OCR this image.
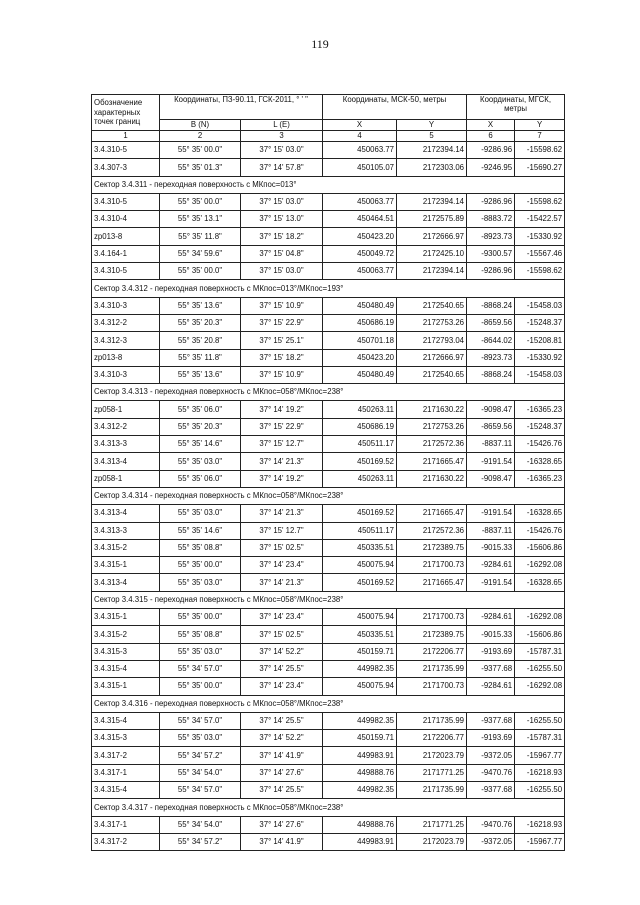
119
Обозначение характерных точек границ	Координаты, ПЗ-90.11, ГСК-2011, ° ' "		Координаты, МСК-50, метры		Координаты, МГСК, метры	
	B (N)	L (E)	X	Y	X	Y
1	2	3	4	5	6	7
3.4.310-5	55° 35' 00.0"	37° 15' 03.0"	450063.77	2172394.14	-9286.96	-15598.62
3.4.307-3	55° 35' 01.3"	37° 14' 57.8"	450105.07	2172303.06	-9246.95	-15690.27
Сектор 3.4.311 - переходная поверхность с МКпос=013°						
3.4.310-5	55° 35' 00.0"	37° 15' 03.0"	450063.77	2172394.14	-9286.96	-15598.62
3.4.310-4	55° 35' 13.1"	37° 15' 13.0"	450464.51	2172575.89	-8883.72	-15422.57
zp013-8	55° 35' 11.8"	37° 15' 18.2"	450423.20	2172666.97	-8923.73	-15330.92
3.4.164-1	55° 34' 59.6"	37° 15' 04.8"	450049.72	2172425.10	-9300.57	-15567.46
3.4.310-5	55° 35' 00.0"	37° 15' 03.0"	450063.77	2172394.14	-9286.96	-15598.62
Сектор 3.4.312 - переходная поверхность с МКпос=013°/МКпос=193°						
3.4.310-3	55° 35' 13.6"	37° 15' 10.9"	450480.49	2172540.65	-8868.24	-15458.03
3.4.312-2	55° 35' 20.3"	37° 15' 22.9"	450686.19	2172753.26	-8659.56	-15248.37
3.4.312-3	55° 35' 20.8"	37° 15' 25.1"	450701.18	2172793.04	-8644.02	-15208.81
zp013-8	55° 35' 11.8"	37° 15' 18.2"	450423.20	2172666.97	-8923.73	-15330.92
3.4.310-3	55° 35' 13.6"	37° 15' 10.9"	450480.49	2172540.65	-8868.24	-15458.03
Сектор 3.4.313 - переходная поверхность с МКпос=058°/МКпос=238°						
zp058-1	55° 35' 06.0"	37° 14' 19.2"	450263.11	2171630.22	-9098.47	-16365.23
3.4.312-2	55° 35' 20.3"	37° 15' 22.9"	450686.19	2172753.26	-8659.56	-15248.37
3.4.313-3	55° 35' 14.6"	37° 15' 12.7"	450511.17	2172572.36	-8837.11	-15426.76
3.4.313-4	55° 35' 03.0"	37° 14' 21.3"	450169.52	2171665.47	-9191.54	-16328.65
zp058-1	55° 35' 06.0"	37° 14' 19.2"	450263.11	2171630.22	-9098.47	-16365.23
Сектор 3.4.314 - переходная поверхность с МКпос=058°/МКпос=238°						
3.4.313-4	55° 35' 03.0"	37° 14' 21.3"	450169.52	2171665.47	-9191.54	-16328.65
3.4.313-3	55° 35' 14.6"	37° 15' 12.7"	450511.17	2172572.36	-8837.11	-15426.76
3.4.315-2	55° 35' 08.8"	37° 15' 02.5"	450335.51	2172389.75	-9015.33	-15606.86
3.4.315-1	55° 35' 00.0"	37° 14' 23.4"	450075.94	2171700.73	-9284.61	-16292.08
3.4.313-4	55° 35' 03.0"	37° 14' 21.3"	450169.52	2171665.47	-9191.54	-16328.65
Сектор 3.4.315 - переходная поверхность с МКпос=058°/МКпос=238°						
3.4.315-1	55° 35' 00.0"	37° 14' 23.4"	450075.94	2171700.73	-9284.61	-16292.08
3.4.315-2	55° 35' 08.8"	37° 15' 02.5"	450335.51	2172389.75	-9015.33	-15606.86
3.4.315-3	55° 35' 03.0"	37° 14' 52.2"	450159.71	2172206.77	-9193.69	-15787.31
3.4.315-4	55° 34' 57.0"	37° 14' 25.5"	449982.35	2171735.99	-9377.68	-16255.50
3.4.315-1	55° 35' 00.0"	37° 14' 23.4"	450075.94	2171700.73	-9284.61	-16292.08
Сектор 3.4.316 - переходная поверхность с МКпос=058°/МКпос=238°						
3.4.315-4	55° 34' 57.0"	37° 14' 25.5"	449982.35	2171735.99	-9377.68	-16255.50
3.4.315-3	55° 35' 03.0"	37° 14' 52.2"	450159.71	2172206.77	-9193.69	-15787.31
3.4.317-2	55° 34' 57.2"	37° 14' 41.9"	449983.91	2172023.79	-9372.05	-15967.77
3.4.317-1	55° 34' 54.0"	37° 14' 27.6"	449888.76	2171771.25	-9470.76	-16218.93
3.4.315-4	55° 34' 57.0"	37° 14' 25.5"	449982.35	2171735.99	-9377.68	-16255.50
Сектор 3.4.317 - переходная поверхность с МКпос=058°/МКпос=238°						
3.4.317-1	55° 34' 54.0"	37° 14' 27.6"	449888.76	2171771.25	-9470.76	-16218.93
3.4.317-2	55° 34' 57.2"	37° 14' 41.9"	449983.91	2172023.79	-9372.05	-15967.77
